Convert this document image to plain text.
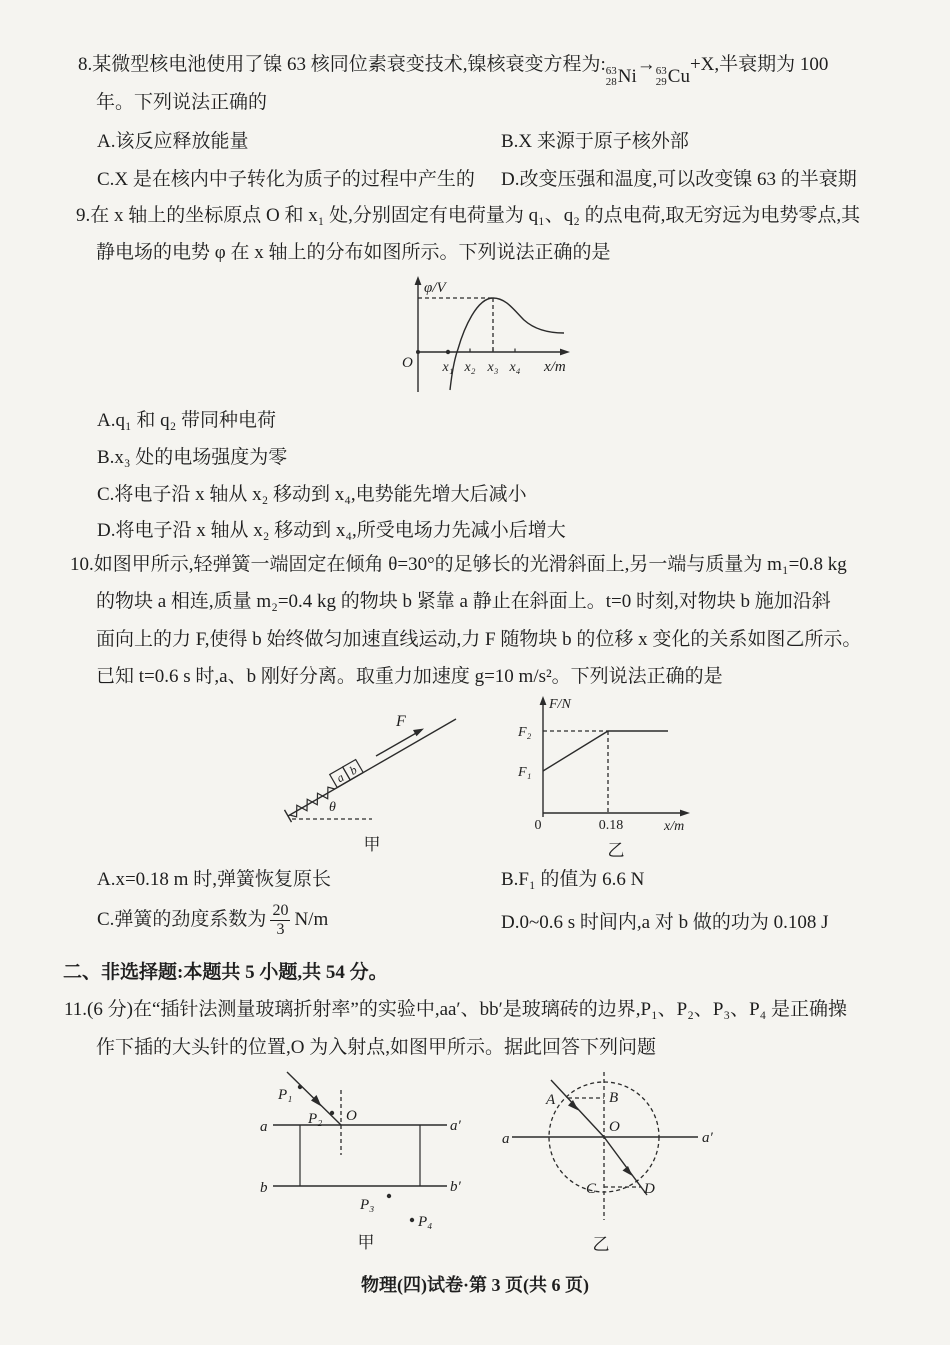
8.某微型核电池使用了镍 63 核同位素衰变技术,镍核衰变方程为: 63
28 Ni
→ 63
29 Cu
+X,半衰期为 100
年。下列说法正确的
A.该反应释放能量	B.X 来源于原子核外部
C.X 是在核内中子转化为质子的过程中产生的 D.改变压强和温度,可以改变镍 63 的半衰期
9.在 x 轴上的坐标原点 O 和 x₁ 处,分别固定有电荷量为 q₁、q₂ 的点电荷,取无穷远为电势零点,其
静电场的电势 φ 在 x 轴上的分布如图所示。下列说法正确的是
φ/V
O x₁ x₂ x₃ x₄ x/m
A.q₁ 和 q₂ 带同种电荷
B.x₃ 处的电场强度为零
C.将电子沿 x 轴从 x₂ 移动到 x₄,电势能先增大后减小
D.将电子沿 x 轴从 x₂ 移动到 x₄,所受电场力先减小后增大
10.如图甲所示,轻弹簧一端固定在倾角 θ=30°的足够长的光滑斜面上,另一端与质量为 m₁=0.8 kg
的物块 a 相连,质量 m₂=0.4 kg 的物块 b 紧靠 a 静止在斜面上。t=0 时刻,对物块 b 施加沿斜
面向上的力 F,使得 b 始终做匀加速直线运动,力 F 随物块 b 的位移 x 变化的关系如图乙所示。
已知 t=0.6 s 时,a、b 刚好分离。取重力加速度 g=10 m/s²。下列说法正确的是
θ
a b
F
甲
F/N
F₂
F₁
0	0.18	x/m
乙
A.x=0.18 m 时,弹簧恢复原长	B.F₁ 的值为 6.6 N
C.弹簧的劲度系数为 $\frac{20}{3} N/m$	D.0~0.6 s 时间内,a 对 b 做的功为 0.108 J
二、非选择题:本题共 5 小题,共 54 分。
11.(6 分)在“插针法测量玻璃折射率”的实验中,aa′、bb′是玻璃砖的边界,P₁、P₂、P₃、P₄ 是正确操
作下插的大头针的位置,O 为入射点,如图甲所示。据此回答下列问题
a	a′
b	b′
P₁
P₂ O
P₃
P₄
甲
a	a′
A	B
O
C	D
乙
物理(四)试卷·第 3 页(共 6 页)
